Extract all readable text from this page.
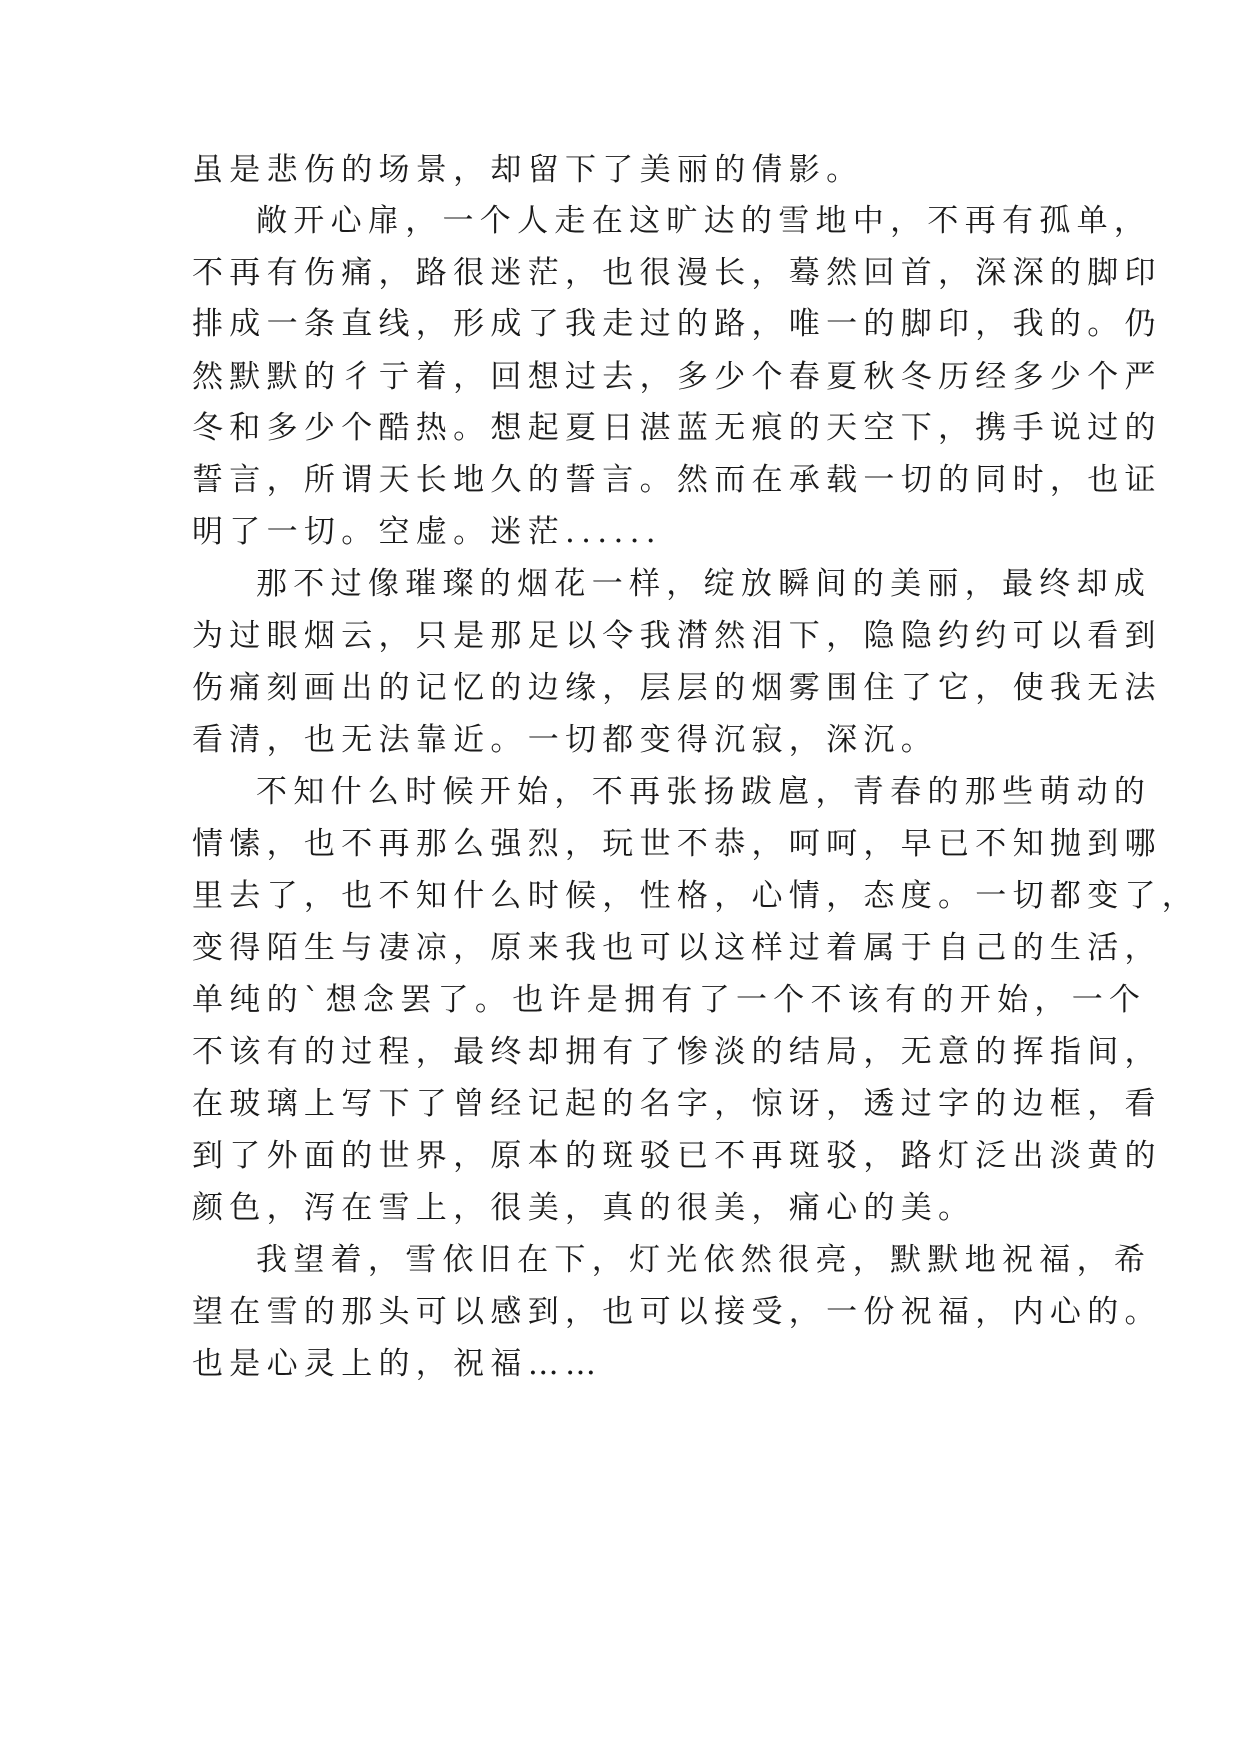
虽是悲伤的场景，却留下了美丽的倩影。
敞开心扉，一个人走在这旷达的雪地中，不再有孤单，
不再有伤痛，路很迷茫，也很漫长，蓦然回首，深深的脚印
排成一条直线，形成了我走过的路，唯一的脚印，我的。仍
然默默的彳亍着，回想过去，多少个春夏秋冬历经多少个严
冬和多少个酷热。想起夏日湛蓝无痕的天空下，携手说过的
誓言，所谓天长地久的誓言。然而在承载一切的同时，也证
明了一切。空虚。迷茫......
那不过像璀璨的烟花一样，绽放瞬间的美丽，最终却成
为过眼烟云，只是那足以令我潸然泪下，隐隐约约可以看到
伤痛刻画出的记忆的边缘，层层的烟雾围住了它，使我无法
看清，也无法靠近。一切都变得沉寂，深沉。
不知什么时候开始，不再张扬跋扈，青春的那些萌动的
情愫，也不再那么强烈，玩世不恭，呵呵，早已不知抛到哪
里去了，也不知什么时候，性格，心情，态度。一切都变了，
变得陌生与凄凉，原来我也可以这样过着属于自己的生活，
单纯的`想念罢了。也许是拥有了一个不该有的开始，一个
不该有的过程，最终却拥有了惨淡的结局，无意的挥指间，
在玻璃上写下了曾经记起的名字，惊讶，透过字的边框，看
到了外面的世界，原本的斑驳已不再斑驳，路灯泛出淡黄的
颜色，泻在雪上，很美，真的很美，痛心的美。
我望着，雪依旧在下，灯光依然很亮，默默地祝福，希
望在雪的那头可以感到，也可以接受，一份祝福，内心的。
也是心灵上的，祝福……
